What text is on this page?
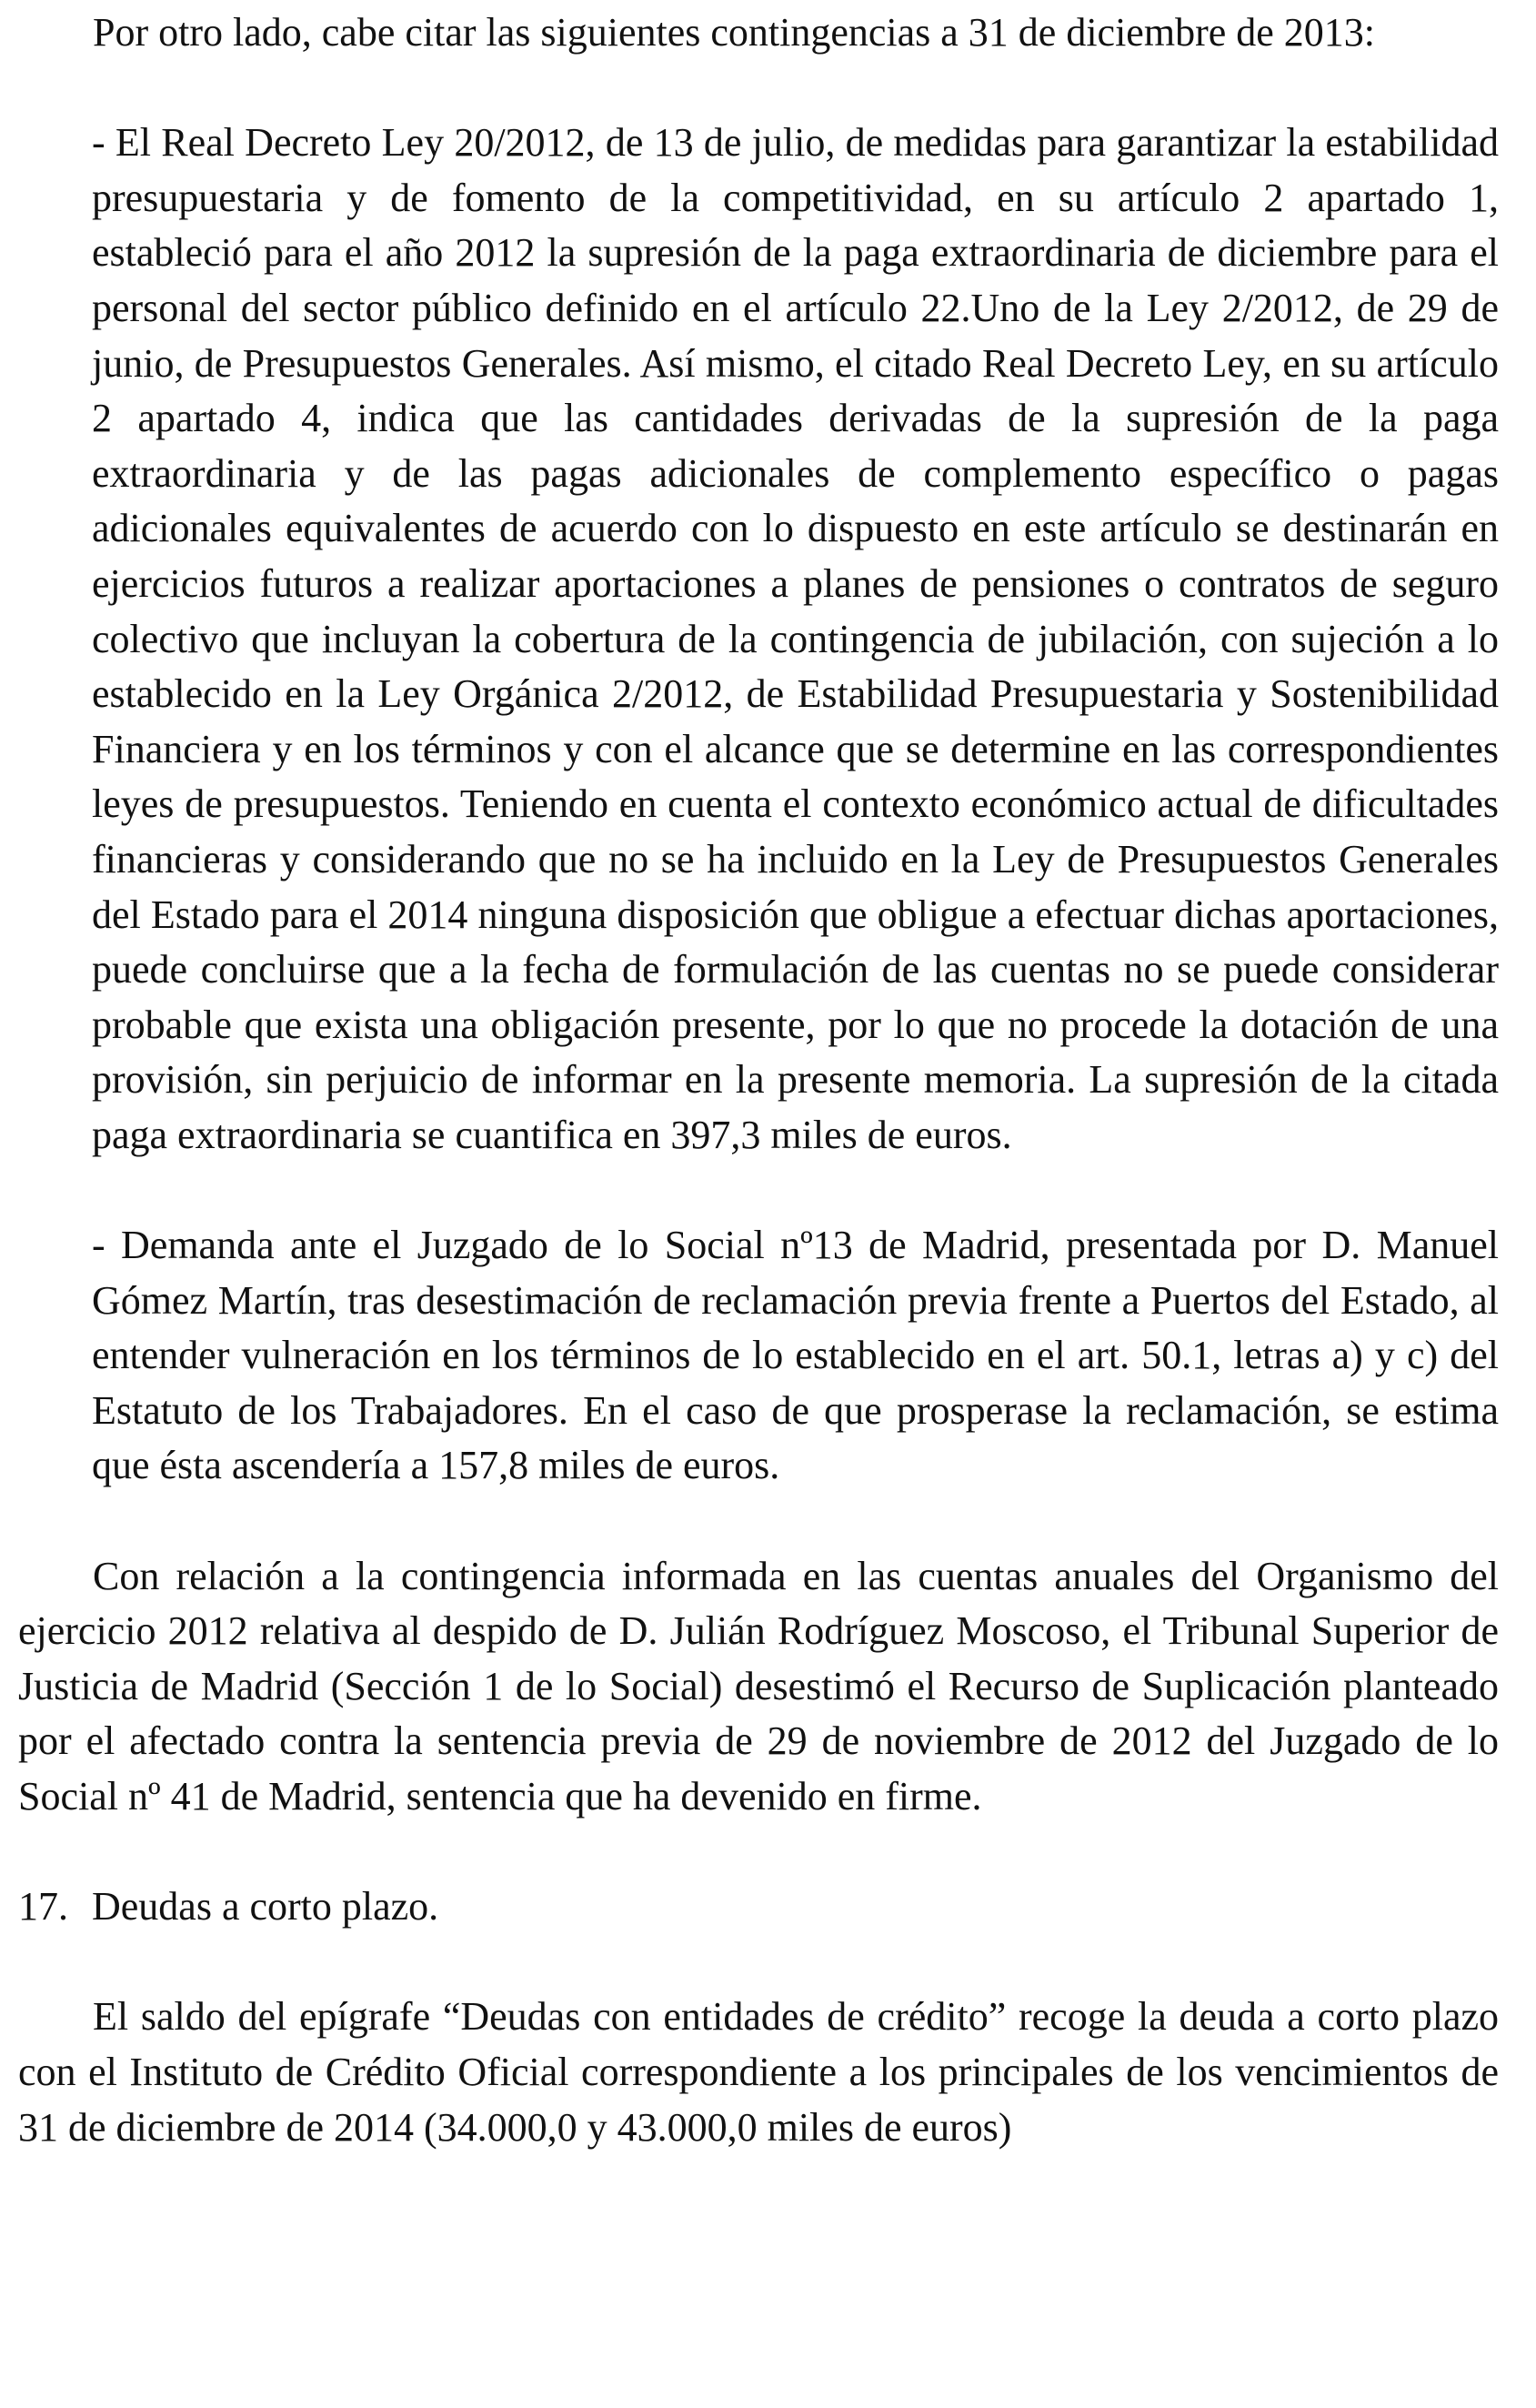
Por otro lado, cabe citar las siguientes contingencias a 31 de diciembre de 2013:

- El Real Decreto Ley 20/2012, de 13 de julio, de medidas para garantizar la estabilidad presupuestaria y de fomento de la competitividad, en su artículo 2 apartado 1, estableció para el año 2012 la supresión de la paga extraordinaria de diciembre para el personal del sector público definido en el artículo 22.Uno de la Ley 2/2012, de 29 de junio, de Presupuestos Generales. Así mismo, el citado Real Decreto Ley, en su artículo 2 apartado 4, indica que las cantidades derivadas de la supresión de la paga extraordinaria y de las pagas adicionales de complemento específico o pagas adicionales equivalentes de acuerdo con lo dispuesto en este artículo se destinarán en ejercicios futuros a realizar aportaciones a planes de pensiones o contratos de seguro colectivo que incluyan la cobertura de la contingencia de jubilación, con sujeción a lo establecido en la Ley Orgánica 2/2012, de Estabilidad Presupuestaria y Sostenibilidad Financiera y en los términos y con el alcance que se determine en las correspondientes leyes de presupuestos. Teniendo en cuenta el contexto económico actual de dificultades financieras y considerando que no se ha incluido en la Ley de Presupuestos Generales del Estado para el 2014 ninguna disposición que obligue a efectuar dichas aportaciones, puede concluirse que a la fecha de formulación de las cuentas no se puede considerar probable que exista una obligación presente, por lo que no procede la dotación de una provisión, sin perjuicio de informar en la presente memoria. La supresión de la citada paga extraordinaria se cuantifica en 397,3 miles de euros.

- Demanda ante el Juzgado de lo Social nº13 de Madrid, presentada por D. Manuel Gómez Martín, tras desestimación de reclamación previa frente a Puertos del Estado, al entender vulneración en los términos de lo establecido en el art. 50.1, letras a) y c) del Estatuto de los Trabajadores. En el caso de que prosperase la reclamación, se estima que ésta ascendería a 157,8 miles de euros.

Con relación a la contingencia informada en las cuentas anuales del Organismo del ejercicio 2012 relativa al despido de D. Julián Rodríguez Moscoso, el Tribunal Superior de Justicia de Madrid (Sección 1 de lo Social) desestimó el Recurso de Suplicación planteado por el afectado contra la sentencia previa de 29 de noviembre de 2012 del Juzgado de lo Social nº 41 de Madrid, sentencia que ha devenido en firme.

17. Deudas a corto plazo.

El saldo del epígrafe “Deudas con entidades de crédito” recoge la deuda a corto plazo con el Instituto de Crédito Oficial correspondiente a los principales de los vencimientos de 31 de diciembre de 2014 (34.000,0 y 43.000,0 miles de euros)
